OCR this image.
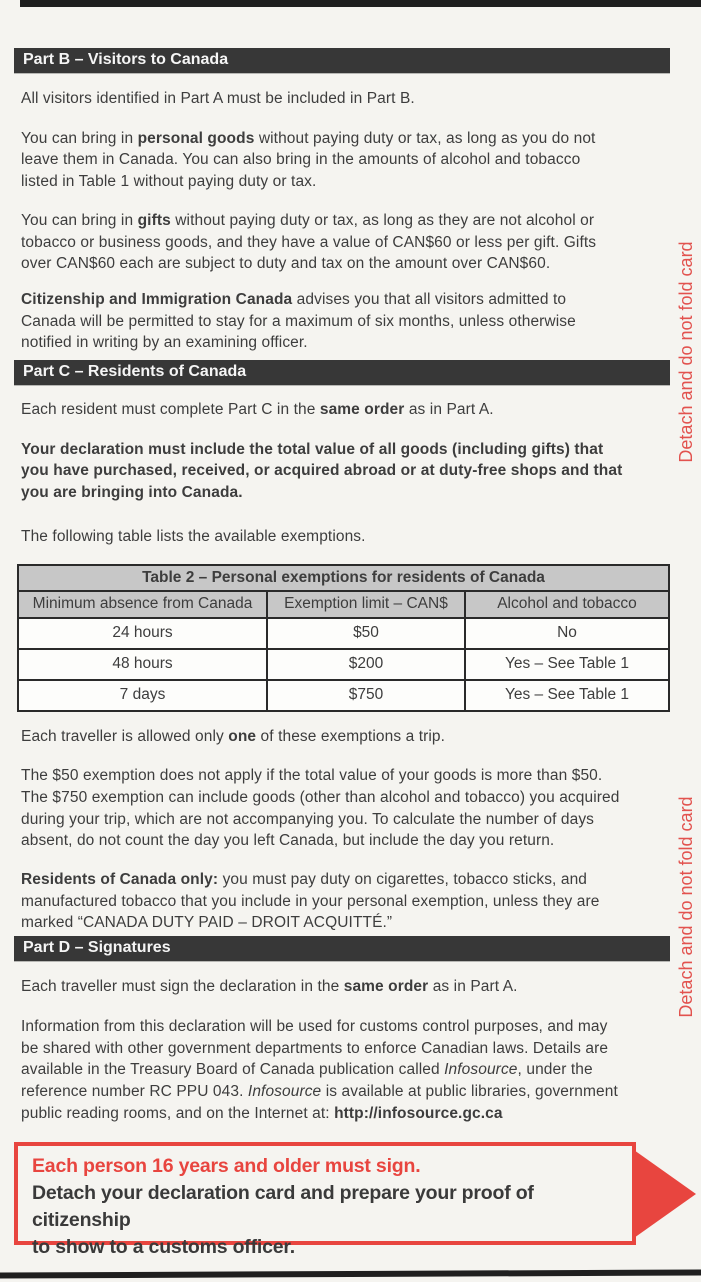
Part B – Visitors to Canada

All visitors identified in Part A must be included in Part B.

You can bring in personal goods without paying duty or tax, as long as you do not
leave them in Canada. You can also bring in the amounts of alcohol and tobacco
listed in Table 1 without paying duty or tax.

You can bring in gifts without paying duty or tax, as long as they are not alcohol or
tobacco or business goods, and they have a value of CAN$60 or less per gift. Gifts
over CAN$60 each are subject to duty and tax on the amount over CAN$60.

Citizenship and Immigration Canada advises you that all visitors admitted to
Canada will be permitted to stay for a maximum of six months, unless otherwise
notified in writing by an examining officer.

Part C – Residents of Canada

Each resident must complete Part C in the same order as in Part A.

Your declaration must include the total value of all goods (including gifts) that
you have purchased, received, or acquired abroad or at duty-free shops and that
you are bringing into Canada.

The following table lists the available exemptions.

Table 2 – Personal exemptions for residents of Canada		
Minimum absence from Canada	Exemption limit – CAN$	Alcohol and tobacco
24 hours	$50	No
48 hours	$200	Yes – See Table 1
7 days	$750	Yes – See Table 1

Each traveller is allowed only one of these exemptions a trip.

The $50 exemption does not apply if the total value of your goods is more than $50.
The $750 exemption can include goods (other than alcohol and tobacco) you acquired
during your trip, which are not accompanying you. To calculate the number of days
absent, do not count the day you left Canada, but include the day you return.

Residents of Canada only: you must pay duty on cigarettes, tobacco sticks, and
manufactured tobacco that you include in your personal exemption, unless they are
marked “CANADA DUTY PAID – DROIT ACQUITTÉ.”

Part D – Signatures

Each traveller must sign the declaration in the same order as in Part A.

Information from this declaration will be used for customs control purposes, and may
be shared with other government departments to enforce Canadian laws. Details are
available in the Treasury Board of Canada publication called Infosource, under the
reference number RC PPU 043. Infosource is available at public libraries, government
public reading rooms, and on the Internet at: http://infosource.gc.ca

Each person 16 years and older must sign.
Detach your declaration card and prepare your proof of citizenship
to show to a customs officer.
Detach and do not fold card
Detach and do not fold card
